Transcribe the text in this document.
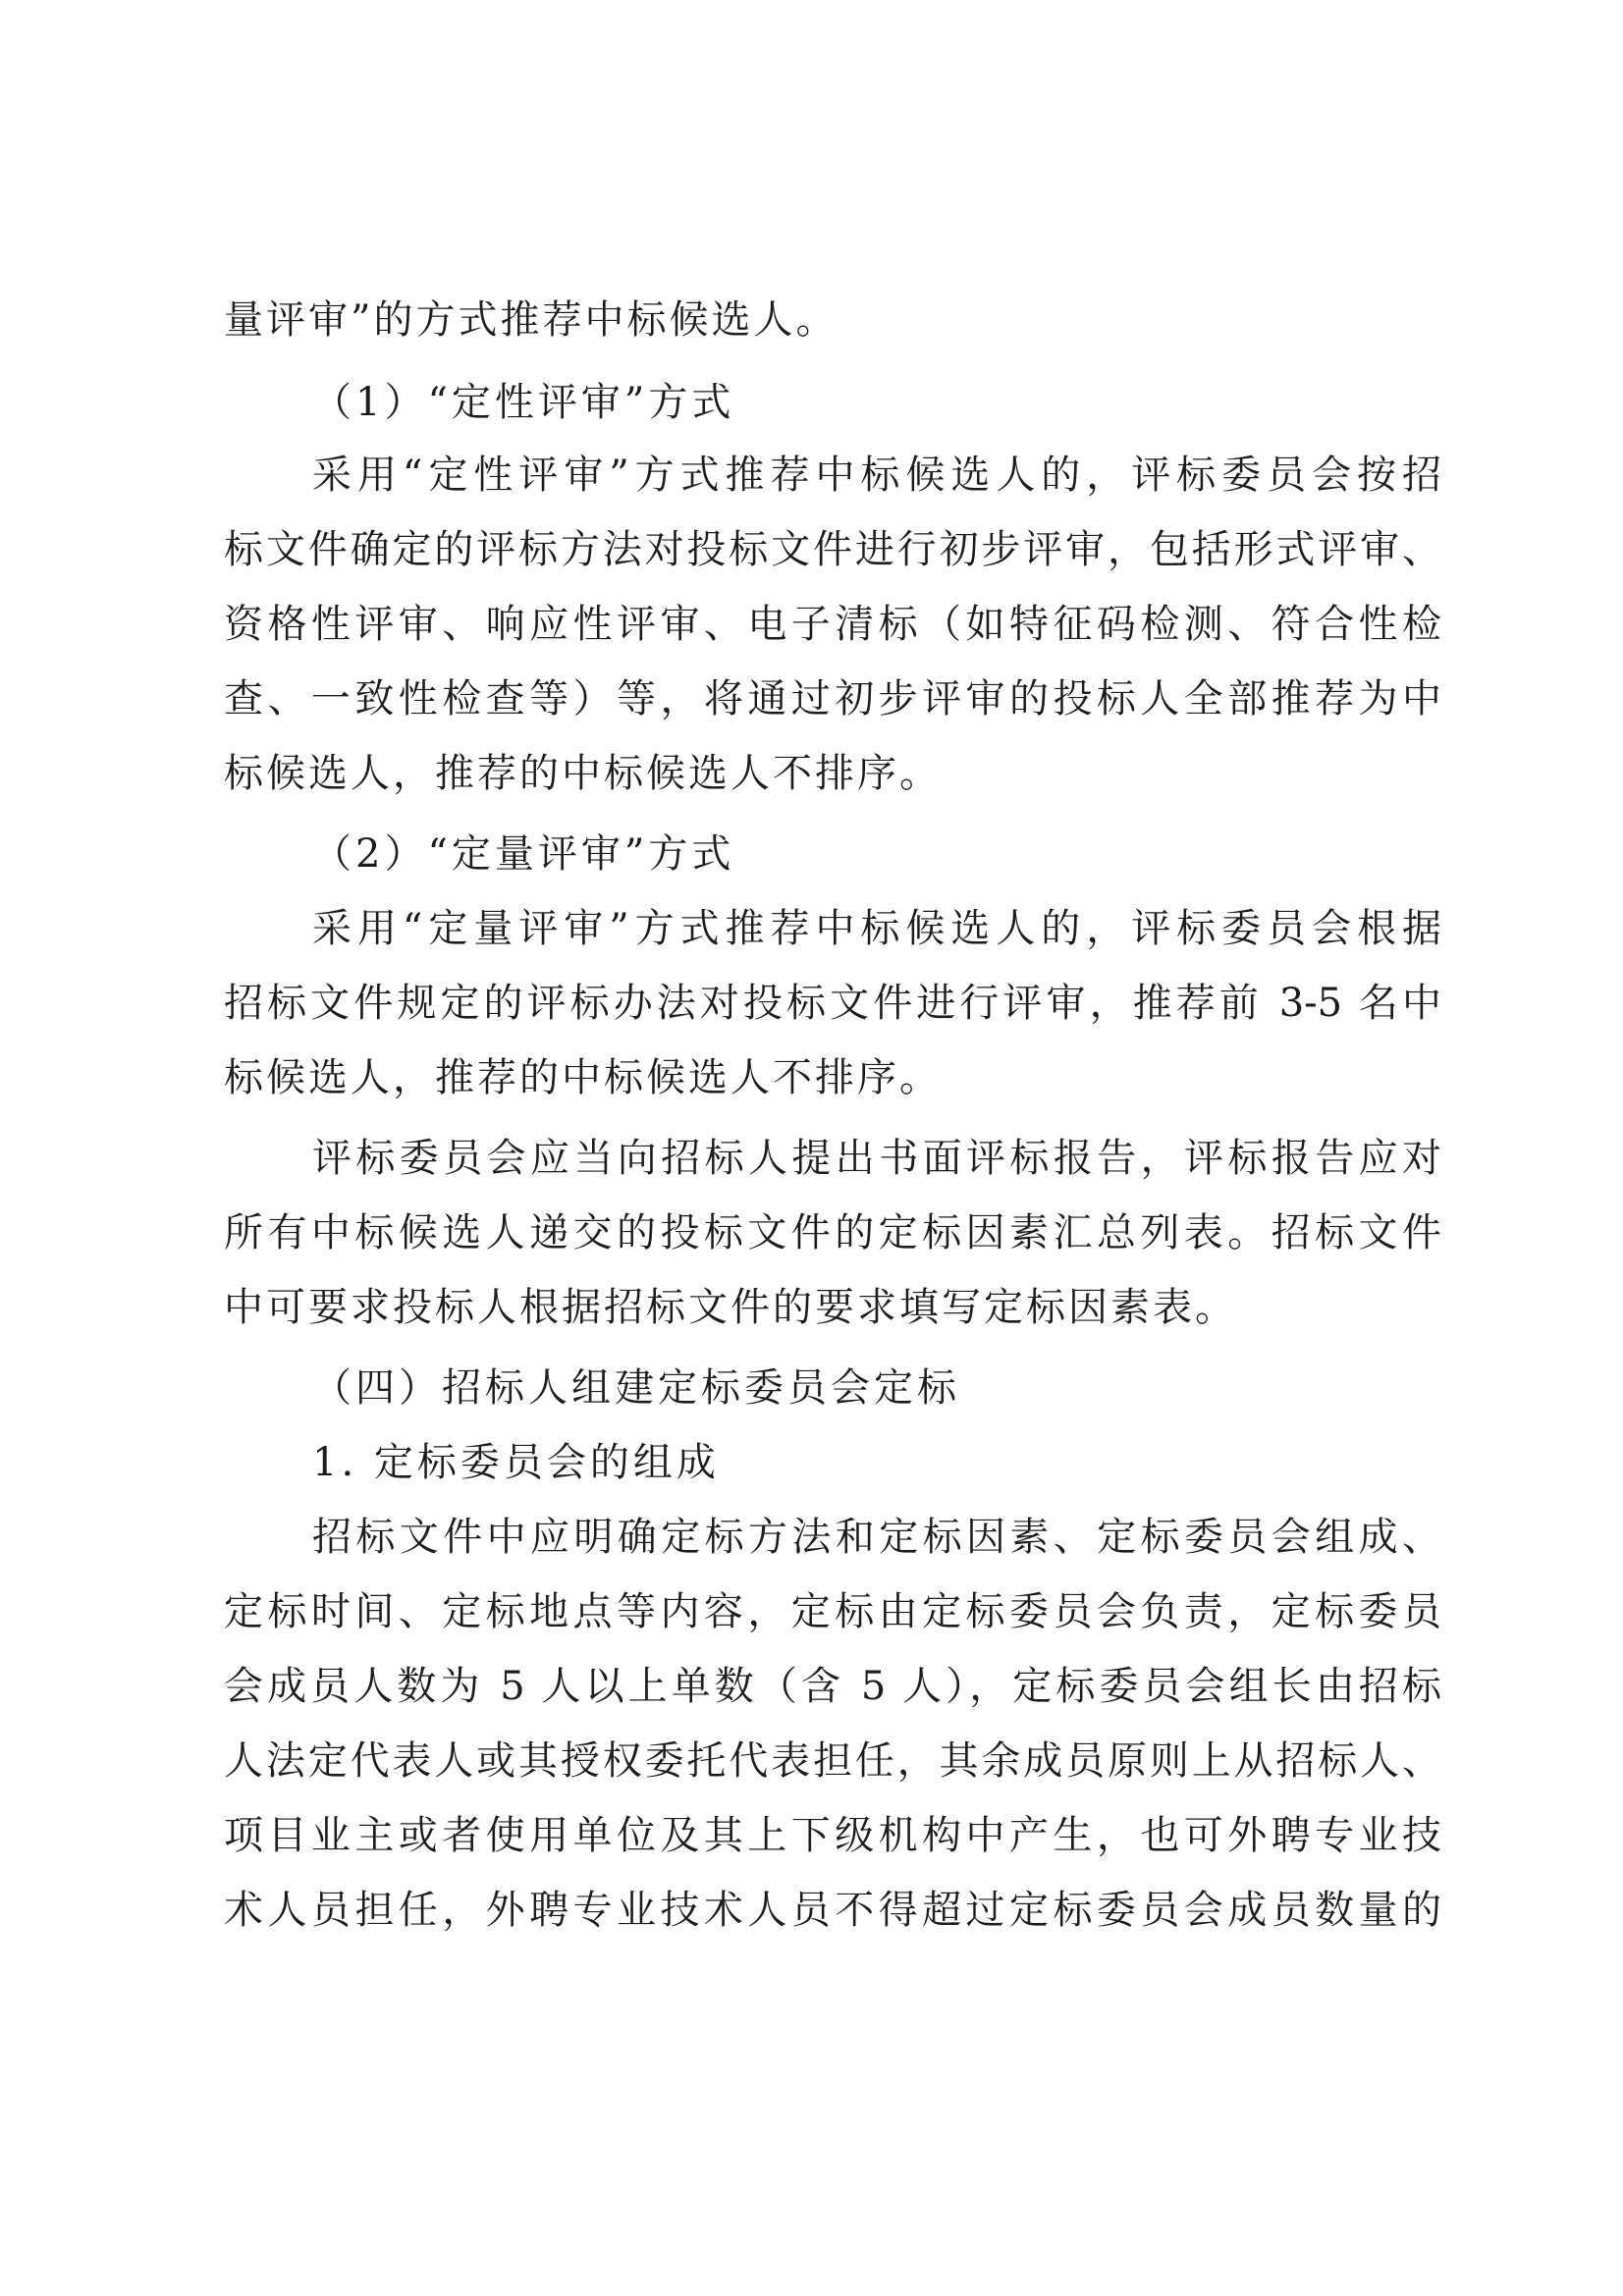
量评审”的方式推荐中标候选人。
（1）“定性评审”方式
采用“定性评审”方式推荐中标候选人的，评标委员会按招
标文件确定的评标方法对投标文件进行初步评审，包括形式评审、
资格性评审、响应性评审、电子清标（如特征码检测、符合性检
查、一致性检查等）等，将通过初步评审的投标人全部推荐为中
标候选人，推荐的中标候选人不排序。
（2）“定量评审”方式
采用“定量评审”方式推荐中标候选人的，评标委员会根据
招标文件规定的评标办法对投标文件进行评审，推荐前 3-5 名中
标候选人，推荐的中标候选人不排序。
评标委员会应当向招标人提出书面评标报告，评标报告应对
所有中标候选人递交的投标文件的定标因素汇总列表。招标文件
中可要求投标人根据招标文件的要求填写定标因素表。
（四）招标人组建定标委员会定标
1. 定标委员会的组成
招标文件中应明确定标方法和定标因素、定标委员会组成、
定标时间、定标地点等内容，定标由定标委员会负责，定标委员
会成员人数为 5 人以上单数（含 5 人），定标委员会组长由招标
人法定代表人或其授权委托代表担任，其余成员原则上从招标人、
项目业主或者使用单位及其上下级机构中产生，也可外聘专业技
术人员担任，外聘专业技术人员不得超过定标委员会成员数量的
